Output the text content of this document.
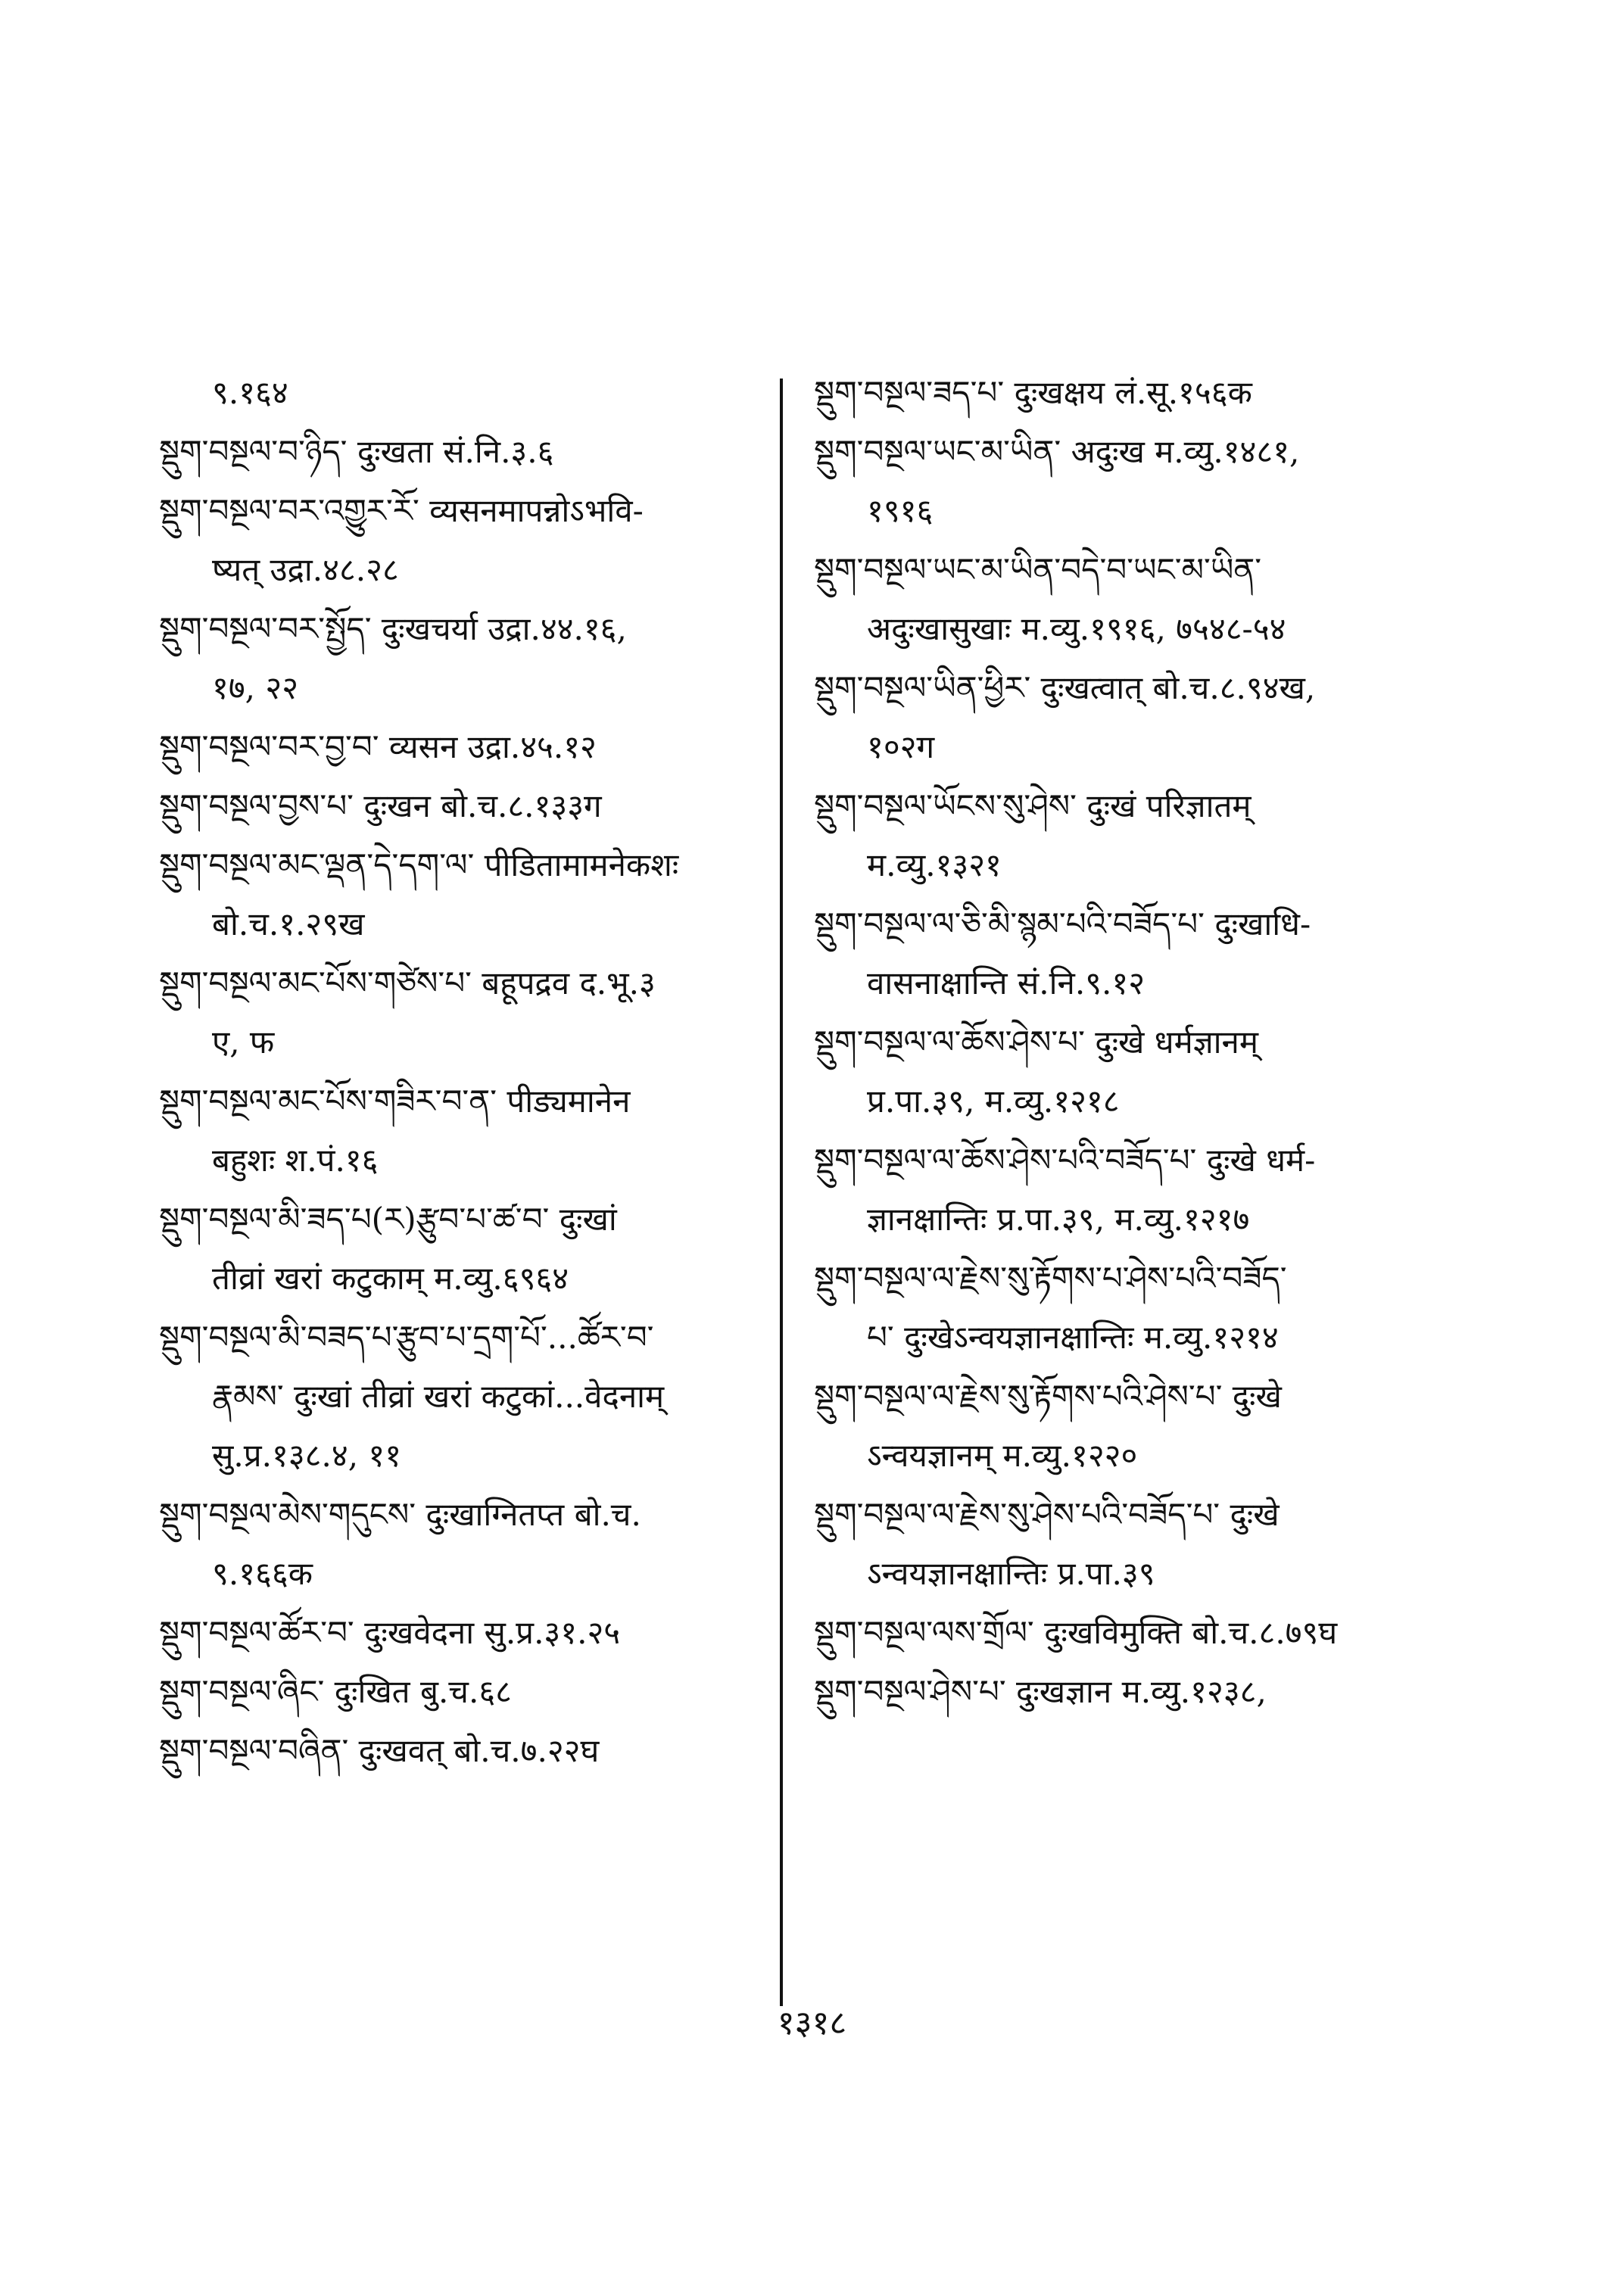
९.१६४
སྡུག་བསྔལ་བ་ཉིད་ दुःखता सं.नि.३.६
སྡུག་བསྔལ་བར་འགྱུར་རོ་ व्यसनमापन्नोऽभवि-
ष्यत् उद्रा.४८.२८
སྡུག་བསྔལ་བར་སྤྱོད་ दुःखचर्या उद्रा.४४.१६,
१७, २२
སྡུག་བསྔལ་བར་བྱ་བ་ व्यसन उद्रा.४५.१२
སྡུག་བསྔལ་བྱས་པ་ दुःखन बो.च.८.१३३ग
སྡུག་བསྔལ་མང་ལྡན་དེ་དག་ལ་ पीडितामामनेकशः
बो.च.१.२९ख
སྡུག་བསྔལ་མང་པོས་གཙེས་པ་ बहूपद्रव द.भू.३
ए, फ
སྡུག་བསྔལ་མང་པོས་གཟིར་བ་ན་ पीड्यमानेन
बहुशः श.पं.१६
སྡུག་བསྔལ་མི་ཟད་པ(ར)རྩུབ་པ་ཚ་བ་ दुःखां
तीव्रां खरां कटुकाम् म.व्यु.६९६४
སྡུག་བསྔལ་མི་བཟད་པ་རྩུབ་པ་དྲག་པོ་...ཚོར་བ་
རྣམས་ दुःखां तीव्रां खरां कटुकां...वेदनाम्
सु.प्र.१३८.४, ११
སྡུག་བསྔལ་མེས་གདུངས་ दुःखाग्नितप्त बो.च.
९.१६६क
སྡུག་བསྔལ་ཚོར་བ་ दुःखवेदना सु.प्र.३१.२५
སྡུག་བསྔལ་ཞིང་ दुःखित बु.च.६८
སྡུག་བསྔལ་བཞིན་ दुःखवत् बो.च.७.२२घ
སྡུག་བསྔལ་ཟད་པ་ दुःखक्षय लं.सू.१५६क
སྡུག་བསྔལ་ཡང་མ་ཡིན་ अदुःख म.व्यु.१४८१,
१९१६
སྡུག་བསྔལ་ཡང་མ་ཡིན་བདེ་བ་ཡང་མ་ཡིན་
अदुःखासुखाः म.व्यु.१९१६, ७५४८-५४
སྡུག་བསྔལ་ཡིན་ཕྱིར་ दुःखत्वात् बो.च.८.९४ख,
१०२ग
སྡུག་བསྔལ་ཡོངས་སུ་ཤེས་ दुःखं परिज्ञातम्
म.व्यु.१३२१
སྡུག་བསྔལ་ལ་ཅི་མི་སྙམ་པའི་བཟོད་པ་ दुःखाधि-
वासनाक्षान्ति सं.नि.९.१२
སྡུག་བསྔལ་ལ་ཆོས་ཤེས་པ་ दुःखे धर्मज्ञानम्
प्र.पा.३९, म.व्यु.१२१८
སྡུག་བསྔལ་ལ་ཆོས་ཤེས་པའི་བཟོད་པ་ दुःखे धर्म-
ज्ञानक्षान्तिः प्र.पा.३९, म.व्यु.१२१७
སྡུག་བསྔལ་ལ་རྗེས་སུ་རྟོགས་པ་ཤེས་པའི་བཟོད་
པ་ दुःखेऽन्वयज्ञानक्षान्तिः म.व्यु.१२१४
སྡུག་བསྔལ་ལ་རྗེས་སུ་རྟོགས་པའི་ཤེས་པ་ दुःखे
ऽन्वयज्ञानम् म.व्यु.१२२०
སྡུག་བསྔལ་ལ་རྗེས་སུ་ཤེས་པའི་བཟོད་པ་ दुःखे
ऽन्वयज्ञानक्षान्तिः प्र.पा.३९
སྡུག་བསྔལ་ལས་གྲོལ་ दुःखविमुक्ति बो.च.८.७९घ
སྡུག་བསྔལ་ཤེས་པ་ दुःखज्ञान म.व्यु.१२३८,
१३१८
